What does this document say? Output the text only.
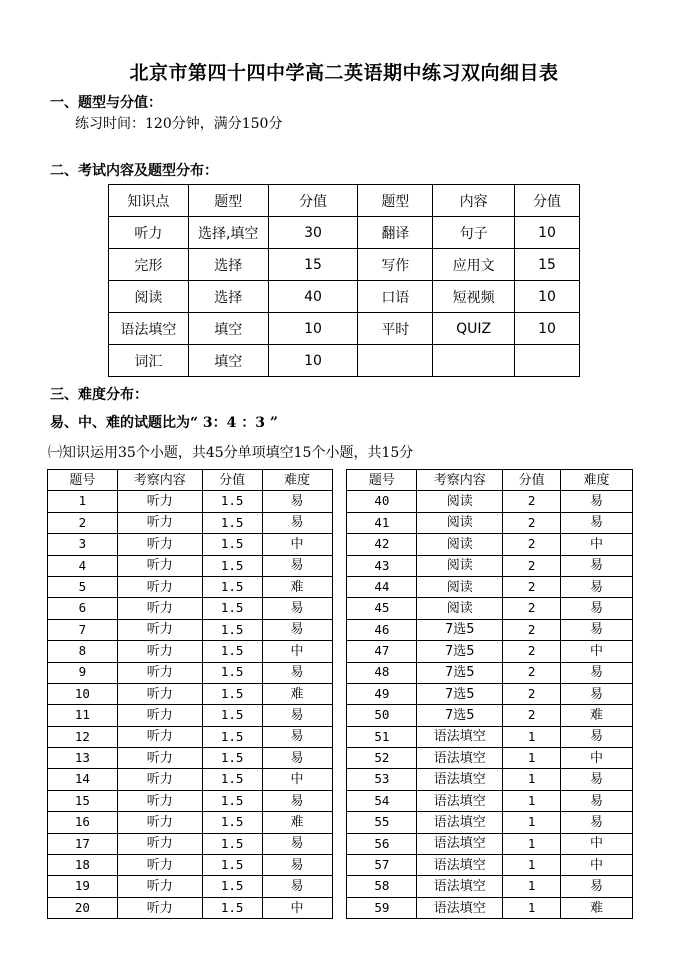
北京市第四十四中学高二英语期中练习双向细目表
一、题型与分值：
练习时间：120分钟，满分150分
二、考试内容及题型分布：
知识点	题型	分值	题型	内容	分值
听力	选择,填空	30	翻译	句子	10
完形	选择	15	写作	应用文	15
阅读	选择	40	口语	短视频	10
语法填空	填空	10	平时	QUIZ	10
词汇	填空	10			
三、难度分布：
易、中、难的试题比为“ 3：4 ：3 ”
㈠知识运用35个小题，共45分单项填空15个小题，共15分
题号	考察内容	分值	难度		题号	考察内容	分值	难度
1	听力	1.5	易		40	阅读	2	易
2	听力	1.5	易		41	阅读	2	易
3	听力	1.5	中		42	阅读	2	中
4	听力	1.5	易		43	阅读	2	易
5	听力	1.5	难		44	阅读	2	易
6	听力	1.5	易		45	阅读	2	易
7	听力	1.5	易		46	7选5	2	易
8	听力	1.5	中		47	7选5	2	中
9	听力	1.5	易		48	7选5	2	易
10	听力	1.5	难		49	7选5	2	易
11	听力	1.5	易		50	7选5	2	难
12	听力	1.5	易		51	语法填空	1	易
13	听力	1.5	易		52	语法填空	1	中
14	听力	1.5	中		53	语法填空	1	易
15	听力	1.5	易		54	语法填空	1	易
16	听力	1.5	难		55	语法填空	1	易
17	听力	1.5	易		56	语法填空	1	中
18	听力	1.5	易		57	语法填空	1	中
19	听力	1.5	易		58	语法填空	1	易
20	听力	1.5	中		59	语法填空	1	难
